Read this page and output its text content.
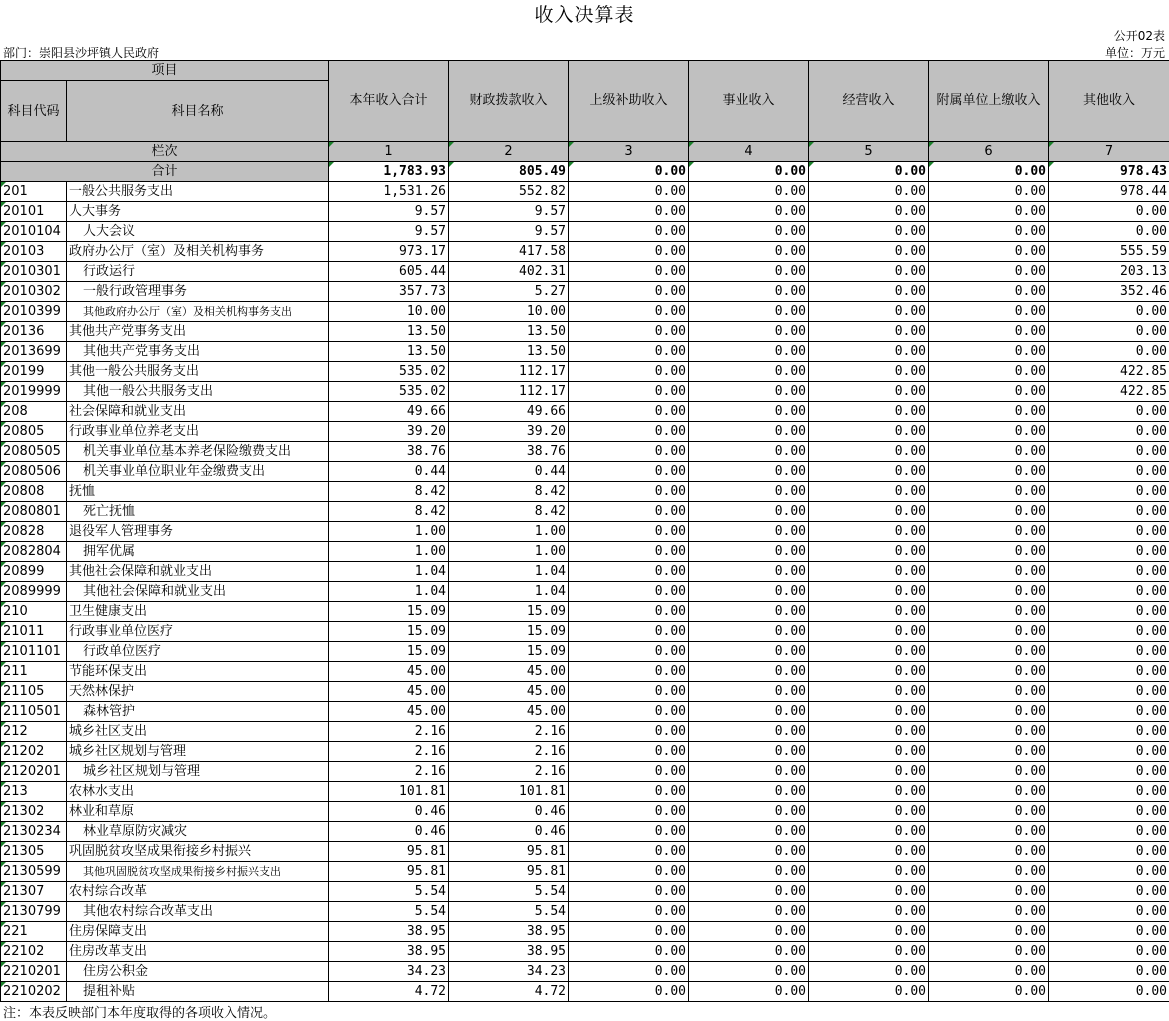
收入决算表
公开02表
部门：崇阳县沙坪镇人民政府	单位：万元
项目		本年收入合计	财政拨款收入	上级补助收入	事业收入	经营收入	附属单位上缴收入	其他收入
科目代码	科目名称							
栏次		1	2	3	4	5	6	7
合计		1,783.93	805.49	0.00	0.00	0.00	0.00	978.43
201	一般公共服务支出	1,531.26	552.82	0.00	0.00	0.00	0.00	978.44
20101	人大事务	9.57	9.57	0.00	0.00	0.00	0.00	0.00
2010104	人大会议	9.57	9.57	0.00	0.00	0.00	0.00	0.00
20103	政府办公厅（室）及相关机构事务	973.17	417.58	0.00	0.00	0.00	0.00	555.59
2010301	行政运行	605.44	402.31	0.00	0.00	0.00	0.00	203.13
2010302	一般行政管理事务	357.73	5.27	0.00	0.00	0.00	0.00	352.46
2010399	其他政府办公厅（室）及相关机构事务支出	10.00	10.00	0.00	0.00	0.00	0.00	0.00
20136	其他共产党事务支出	13.50	13.50	0.00	0.00	0.00	0.00	0.00
2013699	其他共产党事务支出	13.50	13.50	0.00	0.00	0.00	0.00	0.00
20199	其他一般公共服务支出	535.02	112.17	0.00	0.00	0.00	0.00	422.85
2019999	其他一般公共服务支出	535.02	112.17	0.00	0.00	0.00	0.00	422.85
208	社会保障和就业支出	49.66	49.66	0.00	0.00	0.00	0.00	0.00
20805	行政事业单位养老支出	39.20	39.20	0.00	0.00	0.00	0.00	0.00
2080505	机关事业单位基本养老保险缴费支出	38.76	38.76	0.00	0.00	0.00	0.00	0.00
2080506	机关事业单位职业年金缴费支出	0.44	0.44	0.00	0.00	0.00	0.00	0.00
20808	抚恤	8.42	8.42	0.00	0.00	0.00	0.00	0.00
2080801	死亡抚恤	8.42	8.42	0.00	0.00	0.00	0.00	0.00
20828	退役军人管理事务	1.00	1.00	0.00	0.00	0.00	0.00	0.00
2082804	拥军优属	1.00	1.00	0.00	0.00	0.00	0.00	0.00
20899	其他社会保障和就业支出	1.04	1.04	0.00	0.00	0.00	0.00	0.00
2089999	其他社会保障和就业支出	1.04	1.04	0.00	0.00	0.00	0.00	0.00
210	卫生健康支出	15.09	15.09	0.00	0.00	0.00	0.00	0.00
21011	行政事业单位医疗	15.09	15.09	0.00	0.00	0.00	0.00	0.00
2101101	行政单位医疗	15.09	15.09	0.00	0.00	0.00	0.00	0.00
211	节能环保支出	45.00	45.00	0.00	0.00	0.00	0.00	0.00
21105	天然林保护	45.00	45.00	0.00	0.00	0.00	0.00	0.00
2110501	森林管护	45.00	45.00	0.00	0.00	0.00	0.00	0.00
212	城乡社区支出	2.16	2.16	0.00	0.00	0.00	0.00	0.00
21202	城乡社区规划与管理	2.16	2.16	0.00	0.00	0.00	0.00	0.00
2120201	城乡社区规划与管理	2.16	2.16	0.00	0.00	0.00	0.00	0.00
213	农林水支出	101.81	101.81	0.00	0.00	0.00	0.00	0.00
21302	林业和草原	0.46	0.46	0.00	0.00	0.00	0.00	0.00
2130234	林业草原防灾减灾	0.46	0.46	0.00	0.00	0.00	0.00	0.00
21305	巩固脱贫攻坚成果衔接乡村振兴	95.81	95.81	0.00	0.00	0.00	0.00	0.00
2130599	其他巩固脱贫攻坚成果衔接乡村振兴支出	95.81	95.81	0.00	0.00	0.00	0.00	0.00
21307	农村综合改革	5.54	5.54	0.00	0.00	0.00	0.00	0.00
2130799	其他农村综合改革支出	5.54	5.54	0.00	0.00	0.00	0.00	0.00
221	住房保障支出	38.95	38.95	0.00	0.00	0.00	0.00	0.00
22102	住房改革支出	38.95	38.95	0.00	0.00	0.00	0.00	0.00
2210201	住房公积金	34.23	34.23	0.00	0.00	0.00	0.00	0.00
2210202	提租补贴	4.72	4.72	0.00	0.00	0.00	0.00	0.00
注：本表反映部门本年度取得的各项收入情况。
